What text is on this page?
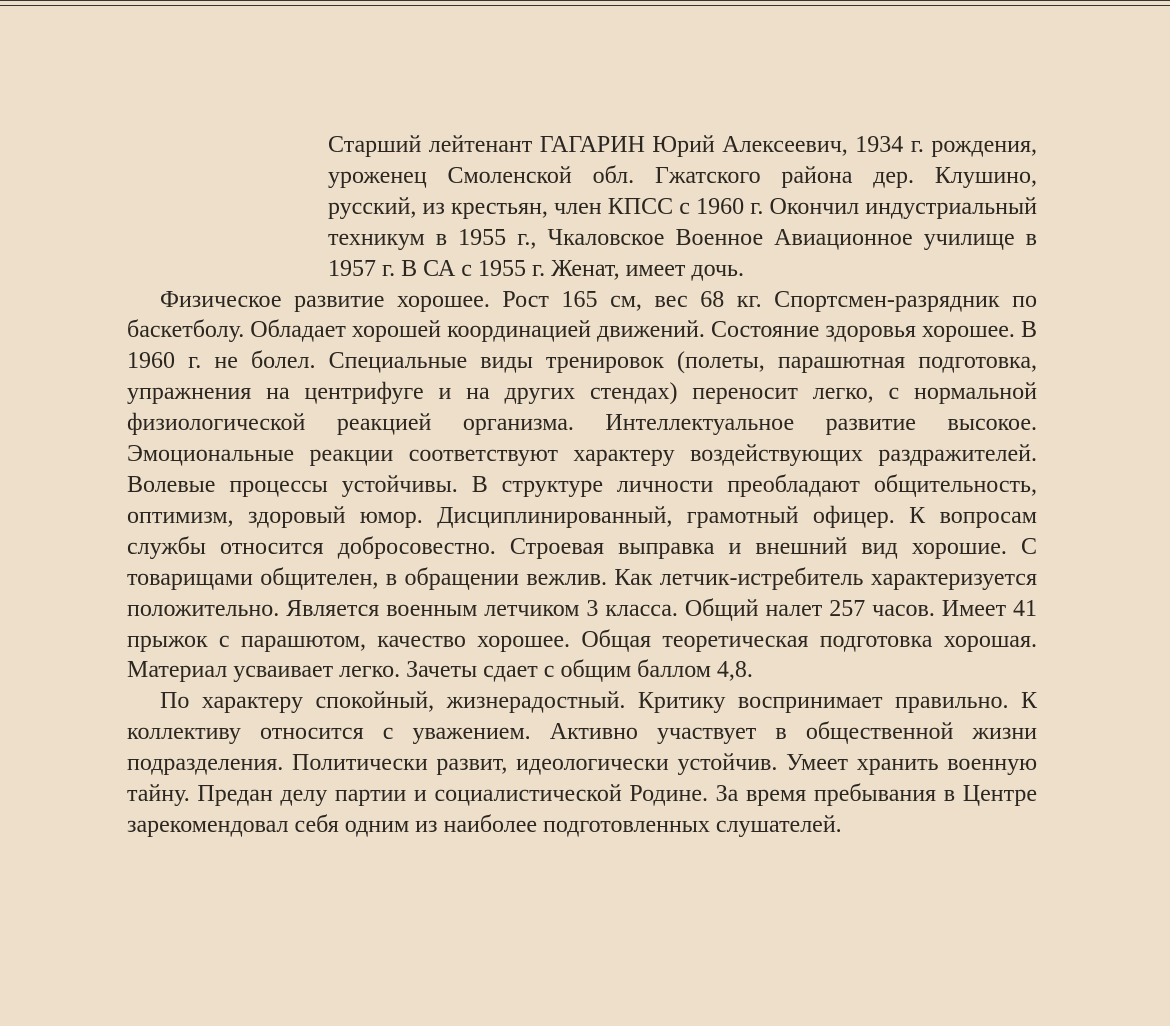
Старший лейтенант ГАГАРИН Юрий Алексеевич, 1934 г. рождения, уроженец Смоленской обл. Гжатского района дер. Клушино, русский, из крестьян, член КПСС с 1960 г. Окончил индустриальный техникум в 1955 г., Чкаловское Военное Авиационное училище в 1957 г. В СА с 1955 г. Женат, имеет дочь.

Физическое развитие хорошее. Рост 165 см, вес 68 кг. Спортсмен-разрядник по баскетболу. Обладает хорошей координацией движений. Состояние здоровья хорошее. В 1960 г. не болел. Специальные виды тренировок (полеты, парашютная подготовка, упражнения на центрифуге и на других стендах) переносит легко, с нормальной физиологической реакцией организма. Интеллектуальное развитие высокое. Эмоциональные реакции соответствуют характеру воздействующих раздражителей. Волевые процессы устойчивы. В структуре личности преобладают общительность, оптимизм, здоровый юмор. Дисциплинированный, грамотный офицер. К вопросам службы относится добросовестно. Строевая выправка и внешний вид хорошие. С товарищами общителен, в обращении вежлив. Как летчик-истребитель характеризуется положительно. Является военным летчиком 3 класса. Общий налет 257 часов. Имеет 41 прыжок с парашютом, качество хорошее. Общая теоретическая подготовка хорошая. Материал усваивает легко. Зачеты сдает с общим баллом 4,8.

По характеру спокойный, жизнерадостный. Критику воспринимает правильно. К коллективу относится с уважением. Активно участвует в общественной жизни подразделения. Политически развит, идеологически устойчив. Умеет хранить военную тайну. Предан делу партии и социалистической Родине. За время пребывания в Центре зарекомендовал себя одним из наиболее подготовленных слушателей.
